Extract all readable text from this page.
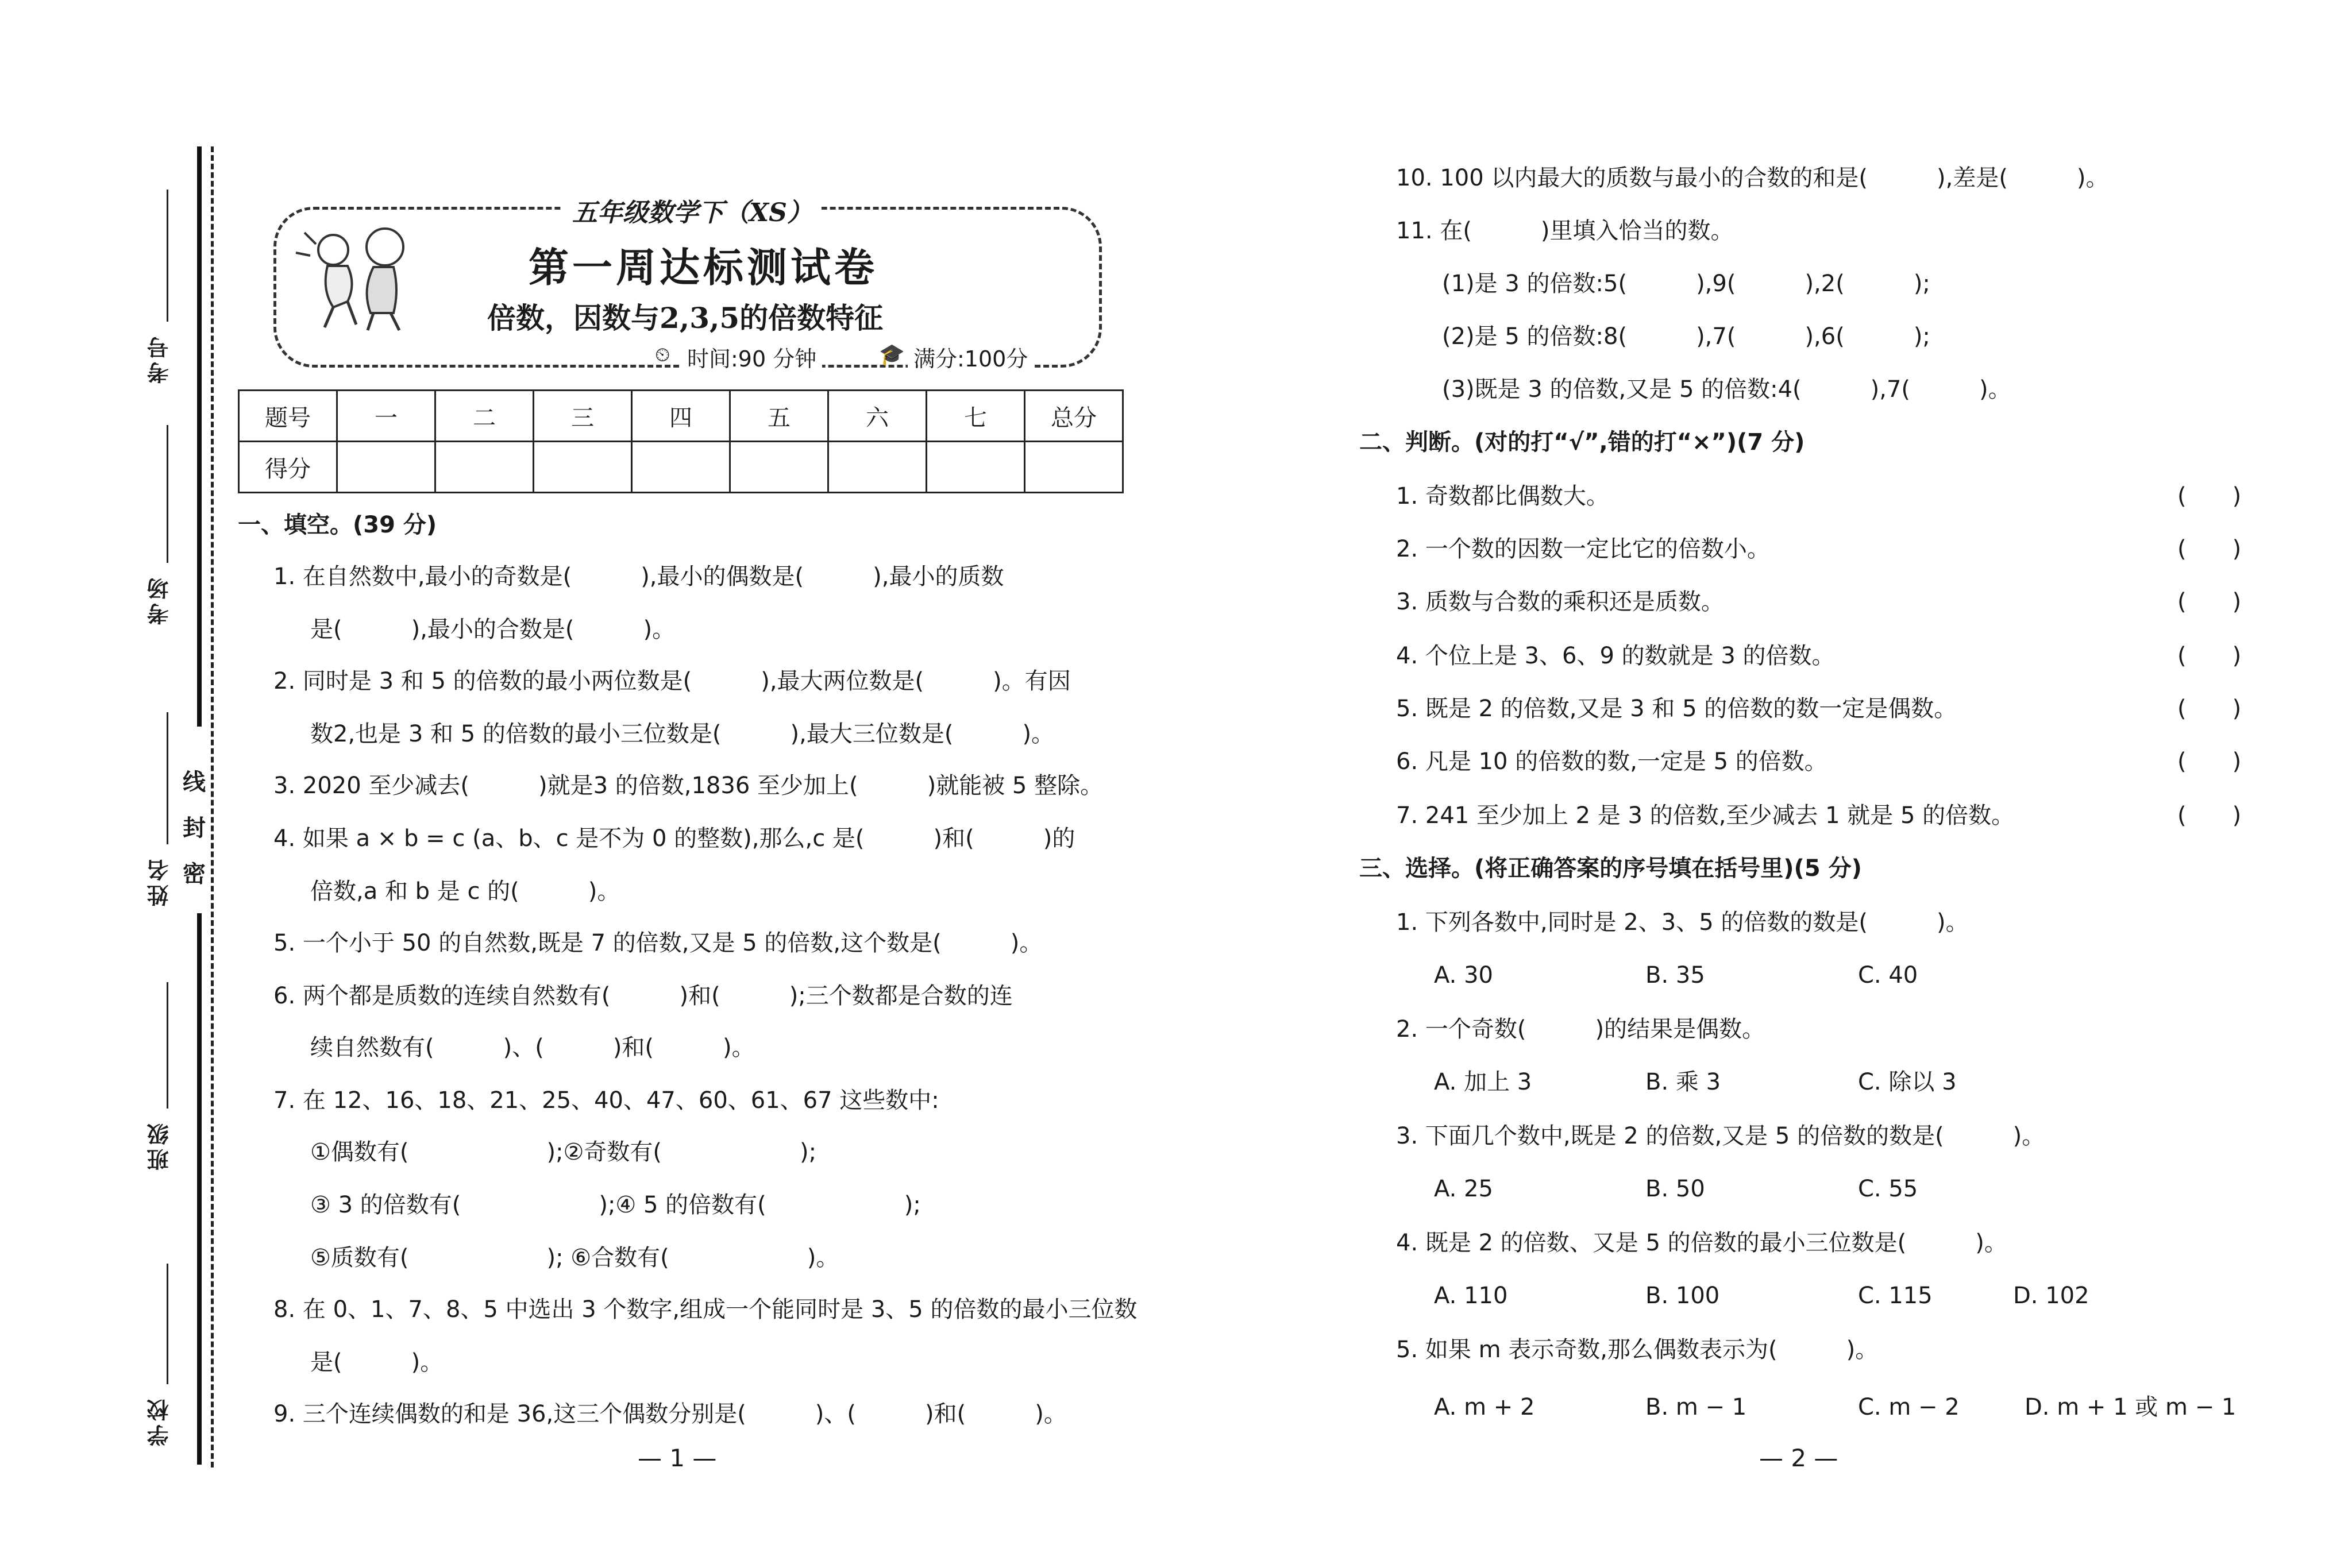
考号
考场
姓名
班级
学校
线
封
密
五年级数学下（XS）
第一周达标测试卷
倍数，因数与2,3,5的倍数特征
⏲ 时间:90 分钟	🎓 满分:100分
题号	一	二	三	四	五	六	七	总分
得分								
一、填空。(39 分)
1. 在自然数中,最小的奇数是(　　　),最小的偶数是(　　　),最小的质数
是(　　　),最小的合数是(　　　)。
2. 同时是 3 和 5 的倍数的最小两位数是(　　　),最大两位数是(　　　)。有因
数2,也是 3 和 5 的倍数的最小三位数是(　　　),最大三位数是(　　　)。
3. 2020 至少减去(　　　)就是3 的倍数,1836 至少加上(　　　)就能被 5 整除。
4. 如果 a × b = c (a、b、c 是不为 0 的整数),那么,c 是(　　　)和(　　　)的
倍数,a 和 b 是 c 的(　　　)。
5. 一个小于 50 的自然数,既是 7 的倍数,又是 5 的倍数,这个数是(　　　)。
6. 两个都是质数的连续自然数有(　　　)和(　　　);三个数都是合数的连
续自然数有(　　　)、(　　　)和(　　　)。
7. 在 12、16、18、21、25、40、47、60、61、67 这些数中:
①偶数有(　　　　　　);②奇数有(　　　　　　);
③ 3 的倍数有(　　　　　　);④ 5 的倍数有(　　　　　　);
⑤质数有(　　　　　　); ⑥合数有(　　　　　　)。
8. 在 0、1、7、8、5 中选出 3 个数字,组成一个能同时是 3、5 的倍数的最小三位数
是(　　　)。
9. 三个连续偶数的和是 36,这三个偶数分别是(　　　)、(　　　)和(　　　)。
— 1 —
10. 100 以内最大的质数与最小的合数的和是(　　　),差是(　　　)。
11. 在(　　　)里填入恰当的数。
(1)是 3 的倍数:5(　　　),9(　　　),2(　　　);
(2)是 5 的倍数:8(　　　),7(　　　),6(　　　);
(3)既是 3 的倍数,又是 5 的倍数:4(　　　),7(　　　)。
二、判断。(对的打“√”,错的打“×”)(7 分)
1. 奇数都比偶数大。	(　　)
2. 一个数的因数一定比它的倍数小。	(　　)
3. 质数与合数的乘积还是质数。	(　　)
4. 个位上是 3、6、9 的数就是 3 的倍数。	(　　)
5. 既是 2 的倍数,又是 3 和 5 的倍数的数一定是偶数。	(　　)
6. 凡是 10 的倍数的数,一定是 5 的倍数。	(　　)
7. 241 至少加上 2 是 3 的倍数,至少减去 1 就是 5 的倍数。	(　　)
三、选择。(将正确答案的序号填在括号里)(5 分)
1. 下列各数中,同时是 2、3、5 的倍数的数是(　　　)。
A. 30	B. 35	C. 40
2. 一个奇数(　　　)的结果是偶数。
A. 加上 3	B. 乘 3	C. 除以 3
3. 下面几个数中,既是 2 的倍数,又是 5 的倍数的数是(　　　)。
A. 25	B. 50	C. 55
4. 既是 2 的倍数、又是 5 的倍数的最小三位数是(　　　)。
A. 110	B. 100	C. 115	D. 102
5. 如果 m 表示奇数,那么偶数表示为(　　　)。
A. m + 2	B. m − 1	C. m − 2	D. m + 1 或 m − 1
— 2 —
